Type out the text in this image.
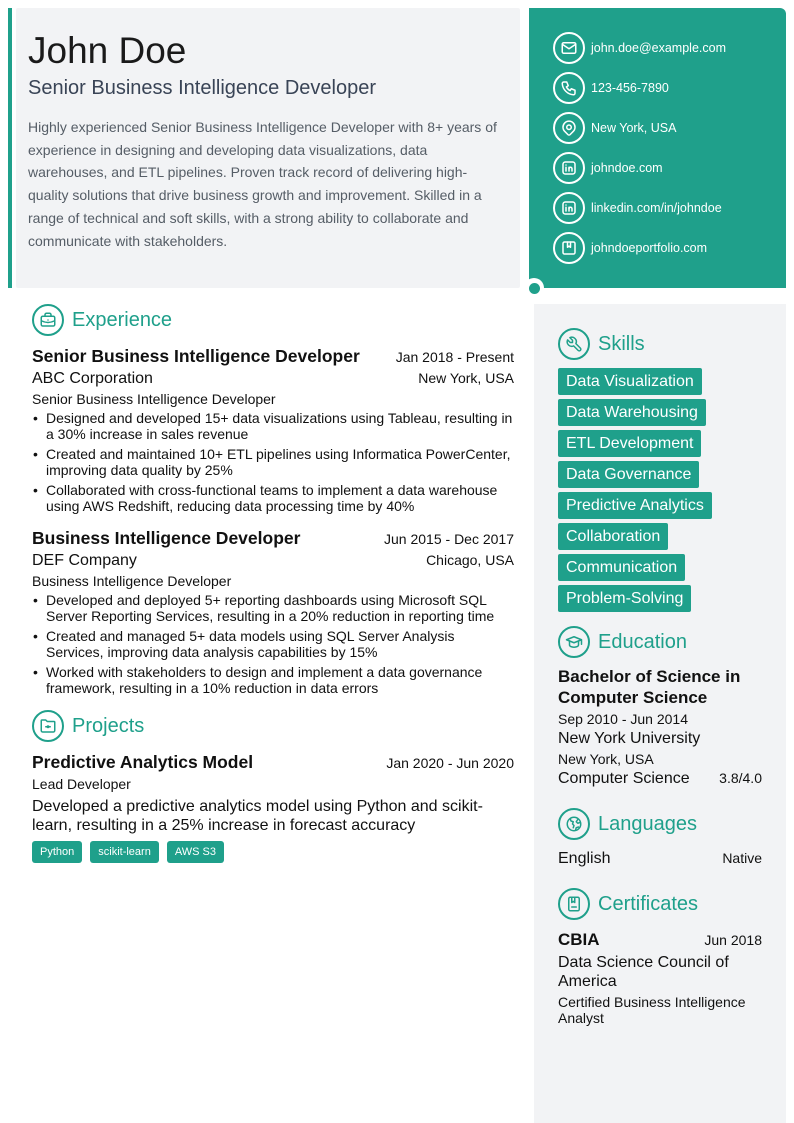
John Doe
Senior Business Intelligence Developer

Highly experienced Senior Business Intelligence Developer with 8+ years of experience in designing and developing data visualizations, data warehouses, and ETL pipelines. Proven track record of delivering high-quality solutions that drive business growth and improvement. Skilled in a range of technical and soft skills, with a strong ability to collaborate and communicate with stakeholders.

john.doe@example.com
123-456-7890
New York, USA
johndoe.com
linkedin.com/in/johndoe
johndoeportfolio.com
Experience
Senior Business Intelligence Developer	Jan 2018 - Present
ABC Corporation	New York, USA
Senior Business Intelligence Developer
• Designed and developed 15+ data visualizations using Tableau, resulting in a 30% increase in sales revenue
• Created and maintained 10+ ETL pipelines using Informatica PowerCenter, improving data quality by 25%
• Collaborated with cross-functional teams to implement a data warehouse using AWS Redshift, reducing data processing time by 40%
Business Intelligence Developer	Jun 2015 - Dec 2017
DEF Company	Chicago, USA
Business Intelligence Developer
• Developed and deployed 5+ reporting dashboards using Microsoft SQL Server Reporting Services, resulting in a 20% reduction in reporting time
• Created and managed 5+ data models using SQL Server Analysis Services, improving data analysis capabilities by 15%
• Worked with stakeholders to design and implement a data governance framework, resulting in a 10% reduction in data errors
Projects
Predictive Analytics Model	Jan 2020 - Jun 2020
Lead Developer

Developed a predictive analytics model using Python and scikit-learn, resulting in a 25% increase in forecast accuracy

Python	scikit-learn	AWS S3
Skills
Data Visualization
Data Warehousing
ETL Development
Data Governance
Predictive Analytics
Collaboration
Communication
Problem-Solving
Education
Bachelor of Science in Computer Science
Sep 2010 - Jun 2014
New York University
New York, USA
Computer Science 3.8/4.0
Languages
English	Native
Certificates
CBIA	Jun 2018
Data Science Council of America
Certified Business Intelligence Analyst
